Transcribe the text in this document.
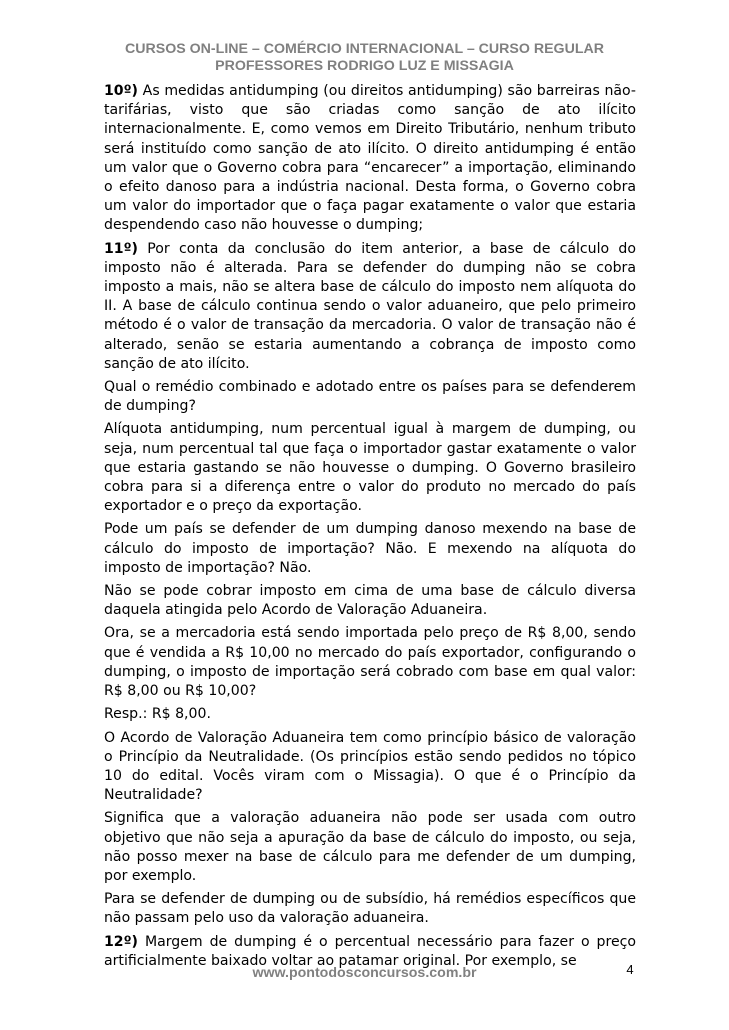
CURSOS ON-LINE – COMÉRCIO INTERNACIONAL – CURSO REGULAR
PROFESSORES RODRIGO LUZ E MISSAGIA

10º) As medidas antidumping (ou direitos antidumping) são barreiras não-tarifárias, visto que são criadas como sanção de ato ilícito internacionalmente. E, como vemos em Direito Tributário, nenhum tributo será instituído como sanção de ato ilícito. O direito antidumping é então um valor que o Governo cobra para “encarecer” a importação, eliminando o efeito danoso para a indústria nacional. Desta forma, o Governo cobra um valor do importador que o faça pagar exatamente o valor que estaria despendendo caso não houvesse o dumping;

11º) Por conta da conclusão do item anterior, a base de cálculo do imposto não é alterada. Para se defender do dumping não se cobra imposto a mais, não se altera base de cálculo do imposto nem alíquota do II. A base de cálculo continua sendo o valor aduaneiro, que pelo primeiro método é o valor de transação da mercadoria. O valor de transação não é alterado, senão se estaria aumentando a cobrança de imposto como sanção de ato ilícito.

Qual o remédio combinado e adotado entre os países para se defenderem de dumping?

Alíquota antidumping, num percentual igual à margem de dumping, ou seja, num percentual tal que faça o importador gastar exatamente o valor que estaria gastando se não houvesse o dumping. O Governo brasileiro cobra para si a diferença entre o valor do produto no mercado do país exportador e o preço da exportação.

Pode um país se defender de um dumping danoso mexendo na base de cálculo do imposto de importação? Não. E mexendo na alíquota do imposto de importação? Não.

Não se pode cobrar imposto em cima de uma base de cálculo diversa daquela atingida pelo Acordo de Valoração Aduaneira.

Ora, se a mercadoria está sendo importada pelo preço de R$ 8,00, sendo que é vendida a R$ 10,00 no mercado do país exportador, configurando o dumping, o imposto de importação será cobrado com base em qual valor: R$ 8,00 ou R$ 10,00?

Resp.: R$ 8,00.

O Acordo de Valoração Aduaneira tem como princípio básico de valoração o Princípio da Neutralidade. (Os princípios estão sendo pedidos no tópico 10 do edital. Vocês viram com o Missagia). O que é o Princípio da Neutralidade?

Significa que a valoração aduaneira não pode ser usada com outro objetivo que não seja a apuração da base de cálculo do imposto, ou seja, não posso mexer na base de cálculo para me defender de um dumping, por exemplo.

Para se defender de dumping ou de subsídio, há remédios específicos que não passam pelo uso da valoração aduaneira.

12º) Margem de dumping é o percentual necessário para fazer o preço artificialmente baixado voltar ao patamar original. Por exemplo, se

www.pontodosconcursos.com.br	4
